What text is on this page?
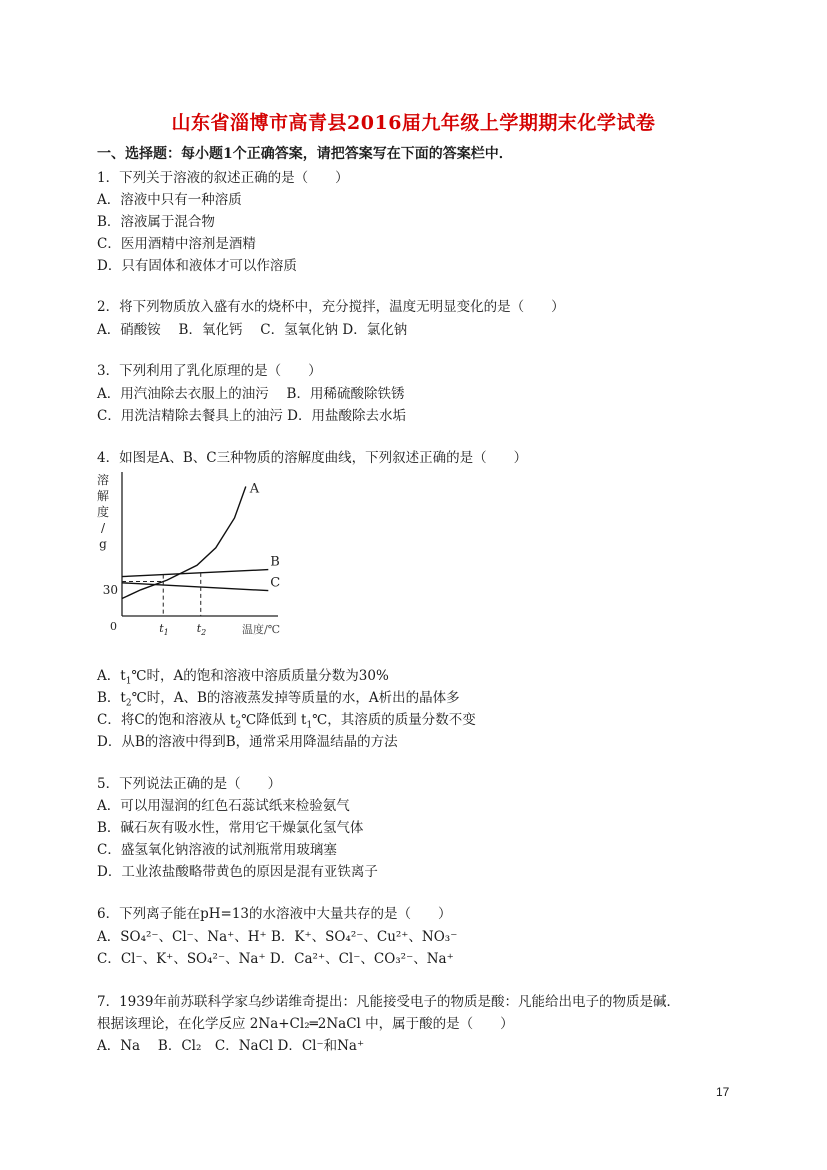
山东省淄博市高青县2016届九年级上学期期末化学试卷
一、选择题：每小题1个正确答案，请把答案写在下面的答案栏中．
1．下列关于溶液的叙述正确的是（　　）
A．溶液中只有一种溶质
B．溶液属于混合物
C．医用酒精中溶剂是酒精
D．只有固体和液体才可以作溶质
2．将下列物质放入盛有水的烧杯中，充分搅拌，温度无明显变化的是（　　）
A．硝酸铵　 B．氧化钙　 C．氢氧化钠 D．氯化钠
3．下列利用了乳化原理的是（　　）
A．用汽油除去衣服上的油污　 B．用稀硫酸除铁锈
C．用洗洁精除去餐具上的油污 D．用盐酸除去水垢
4．如图是A、B、C三种物质的溶解度曲线，下列叙述正确的是（　　）
溶
解
度
/
g
温度/℃
0
30
A
B
C
$t_1$	$t_2$
A．$t_1℃$时，A的饱和溶液中溶质质量分数为30%
B．$t_2℃$时，A、B的溶液蒸发掉等质量的水，A析出的晶体多
C．将C的饱和溶液从 $t_2℃$降低到 $t_1℃$，其溶质的质量分数不变
D．从B的溶液中得到B，通常采用降温结晶的方法
5．下列说法正确的是（　　）
A．可以用湿润的红色石蕊试纸来检验氨气
B．碱石灰有吸水性，常用它干燥氯化氢气体
C．盛氢氧化钠溶液的试剂瓶常用玻璃塞
D．工业浓盐酸略带黄色的原因是混有亚铁离子
6．下列离子能在pH=13的水溶液中大量共存的是（　　）
A．SO₄²⁻、Cl⁻、Na⁺、H⁺ B．K⁺、SO₄²⁻、Cu²⁺、NO₃⁻
C．Cl⁻、K⁺、SO₄²⁻、Na⁺ D．Ca²⁺、Cl⁻、CO₃²⁻、Na⁺
7．1939年前苏联科学家乌纱诺维奇提出：凡能接受电子的物质是酸：凡能给出电子的物质是碱．
根据该理论，在化学反应 2Na+Cl₂═2NaCl 中，属于酸的是（　　）
A．Na　 B．Cl₂　C．NaCl D．Cl⁻和Na⁺
17
